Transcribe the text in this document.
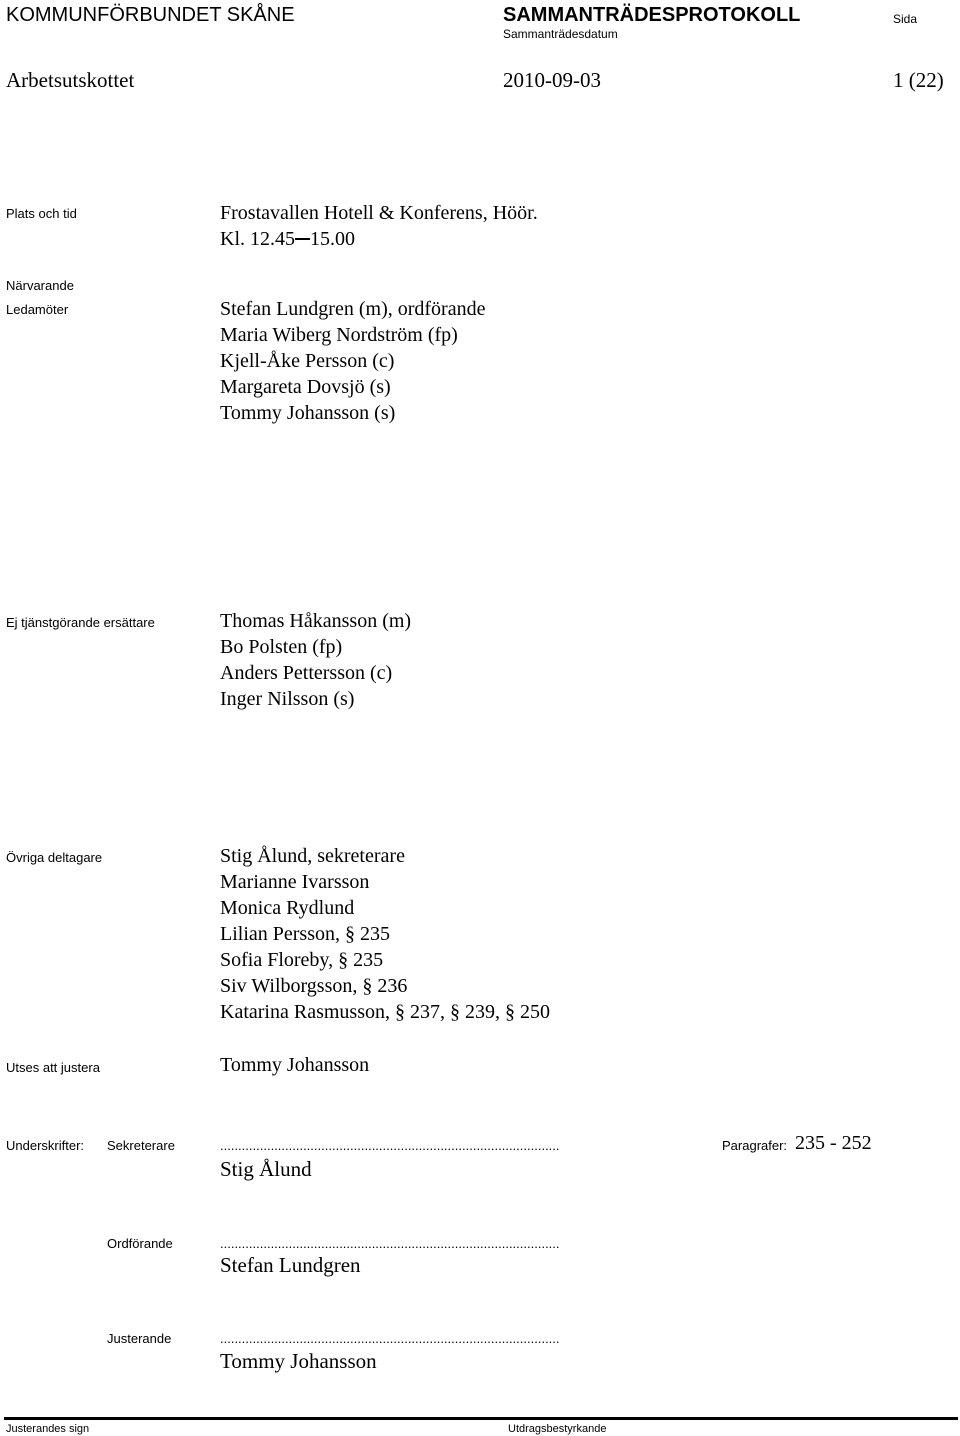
KOMMUNFÖRBUNDET SKÅNE	SAMMANTRÄDESPROTOKOLL
Sammanträdesdatum
Sida
Arbetsutskottet	2010-09-03	1 (22)
Plats och tid	Frostavallen Hotell & Konferens, Höör.
Kl. 12.45 15.00
Närvarande
Ledamöter	Stefan Lundgren (m), ordförande
Maria Wiberg Nordström (fp)
Kjell-Åke Persson (c)
Margareta Dovsjö (s)
Tommy Johansson (s)
Ej tjänstgörande ersättare	Thomas Håkansson (m)
Bo Polsten (fp)
Anders Pettersson (c)
Inger Nilsson (s)
Övriga deltagare	Stig Ålund, sekreterare
Marianne Ivarsson
Monica Rydlund
Lilian Persson, § 235
Sofia Floreby, § 235
Siv Wilborgsson, § 236
Katarina Rasmusson, § 237, § 239, § 250
Utses att justera	Tommy Johansson
Underskrifter: Sekreterare	..............................................................................................	Paragrafer: 235 - 252
Stig Ålund
Ordförande	..............................................................................................
Stefan Lundgren
Justerande	..............................................................................................
Tommy Johansson
Justerandes sign	Utdragsbestyrkande
